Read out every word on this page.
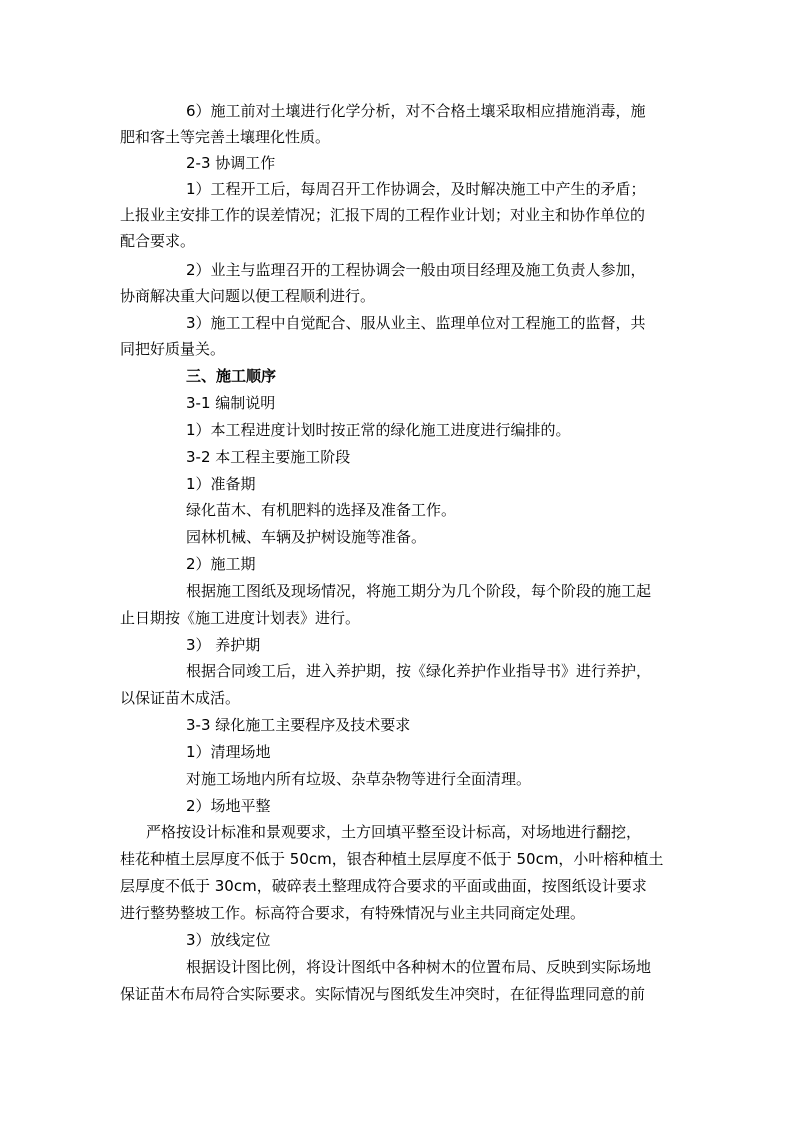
6）施工前对土壤进行化学分析，对不合格土壤采取相应措施消毒，施
肥和客土等完善土壤理化性质。
2-3 协调工作
1）工程开工后，每周召开工作协调会，及时解决施工中产生的矛盾；
上报业主安排工作的误差情况；汇报下周的工程作业计划；对业主和协作单位的
配合要求。
2）业主与监理召开的工程协调会一般由项目经理及施工负责人参加，
协商解决重大问题以便工程顺利进行。
3）施工工程中自觉配合、服从业主、监理单位对工程施工的监督，共
同把好质量关。
三、施工顺序
3-1 编制说明
1）本工程进度计划时按正常的绿化施工进度进行编排的。
3-2 本工程主要施工阶段
1）准备期
绿化苗木、有机肥料的选择及准备工作。
园林机械、车辆及护树设施等准备。
2）施工期
根据施工图纸及现场情况，将施工期分为几个阶段，每个阶段的施工起
止日期按《施工进度计划表》进行。
3） 养护期
根据合同竣工后，进入养护期，按《绿化养护作业指导书》进行养护，
以保证苗木成活。
3-3 绿化施工主要程序及技术要求
1）清理场地
对施工场地内所有垃圾、杂草杂物等进行全面清理。
2）场地平整
严格按设计标准和景观要求，土方回填平整至设计标高，对场地进行翻挖，
桂花种植土层厚度不低于 50cm，银杏种植土层厚度不低于 50cm，小叶榕种植土
层厚度不低于 30cm，破碎表土整理成符合要求的平面或曲面，按图纸设计要求
进行整势整坡工作。标高符合要求，有特殊情况与业主共同商定处理。
3）放线定位
根据设计图比例，将设计图纸中各种树木的位置布局、反映到实际场地
保证苗木布局符合实际要求。实际情况与图纸发生冲突时，在征得监理同意的前
